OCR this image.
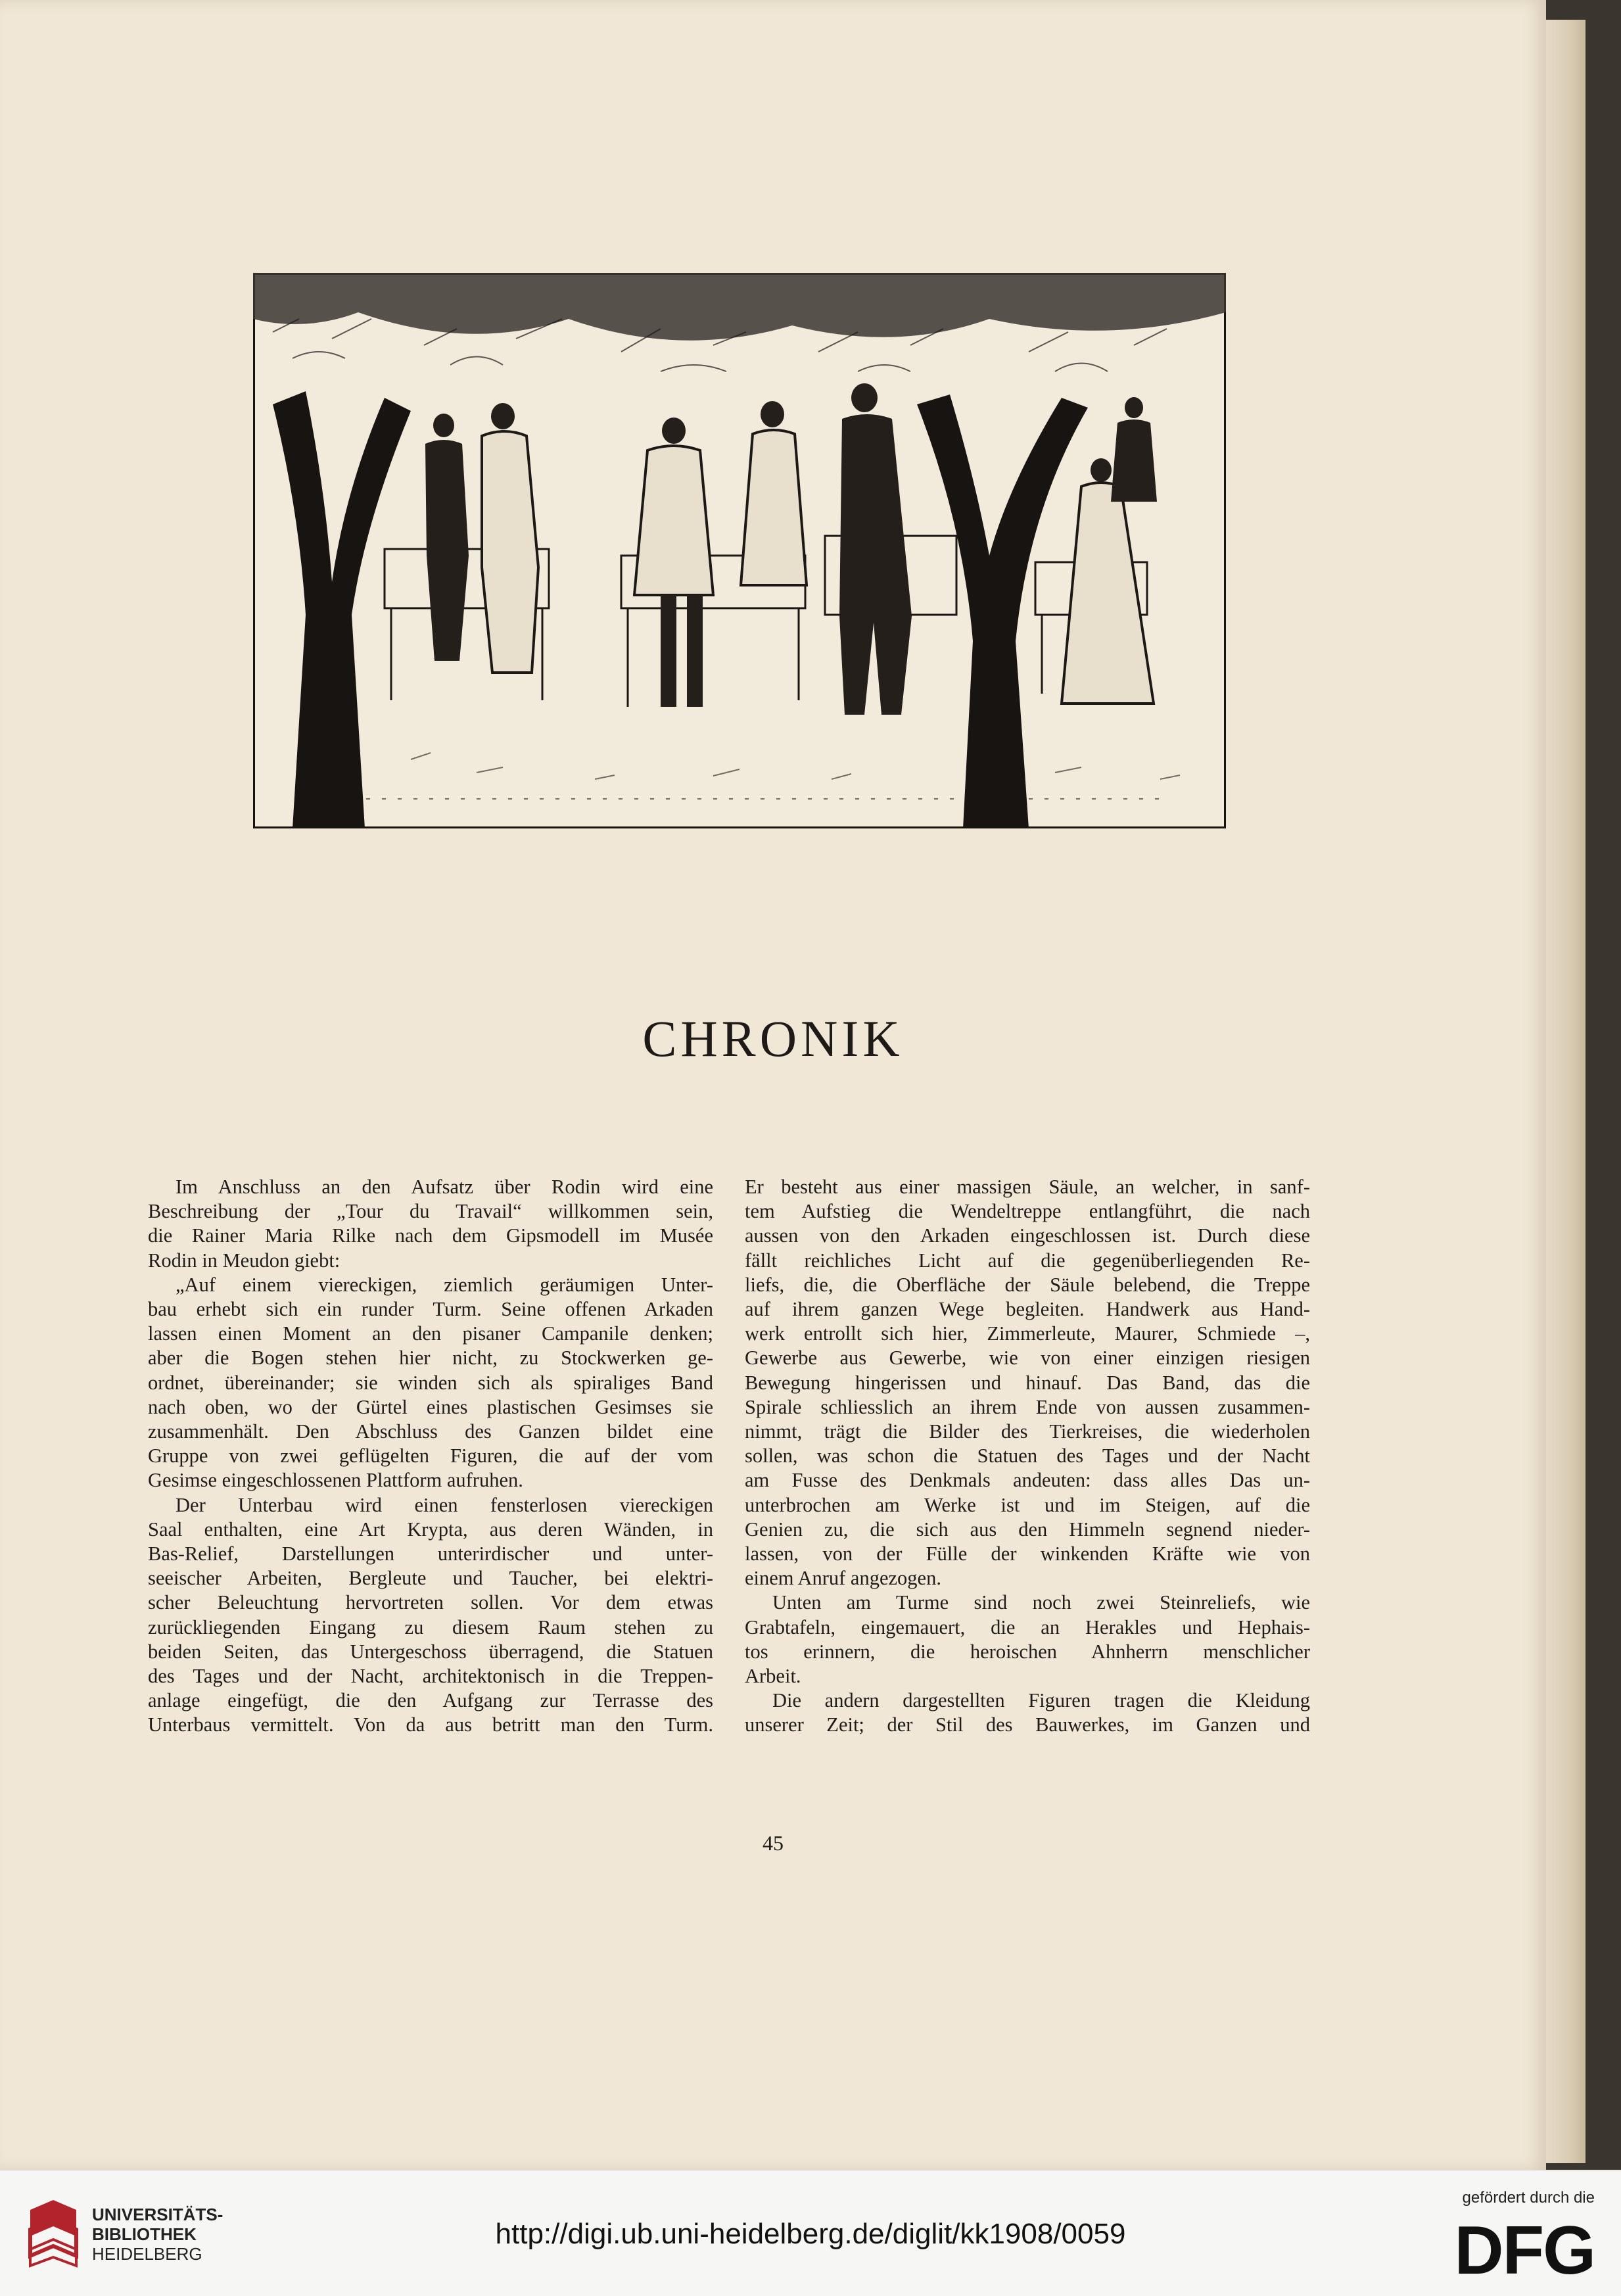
CHRONIK

Im Anschluss an den Aufsatz über Rodin wird eine

Beschreibung der „Tour du Travail“ willkommen sein,

die Rainer Maria Rilke nach dem Gipsmodell im Musée

Rodin in Meudon giebt:

„Auf einem viereckigen, ziemlich geräumigen Unter-

bau erhebt sich ein runder Turm. Seine offenen Arkaden

lassen einen Moment an den pisaner Campanile denken;

aber die Bogen stehen hier nicht, zu Stockwerken ge-

ordnet, übereinander; sie winden sich als spiraliges Band

nach oben, wo der Gürtel eines plastischen Gesimses sie

zusammenhält. Den Abschluss des Ganzen bildet eine

Gruppe von zwei geflügelten Figuren, die auf der vom

Gesimse eingeschlossenen Plattform aufruhen.

Der Unterbau wird einen fensterlosen viereckigen

Saal enthalten, eine Art Krypta, aus deren Wänden, in

Bas-Relief, Darstellungen unterirdischer und unter-

seeischer Arbeiten, Bergleute und Taucher, bei elektri-

scher Beleuchtung hervortreten sollen. Vor dem etwas

zurückliegenden Eingang zu diesem Raum stehen zu

beiden Seiten, das Untergeschoss überragend, die Statuen

des Tages und der Nacht, architektonisch in die Treppen-

anlage eingefügt, die den Aufgang zur Terrasse des

Unterbaus vermittelt. Von da aus betritt man den Turm.

Er besteht aus einer massigen Säule, an welcher, in sanf-

tem Aufstieg die Wendeltreppe entlangführt, die nach

aussen von den Arkaden eingeschlossen ist. Durch diese

fällt reichliches Licht auf die gegenüberliegenden Re-

liefs, die, die Oberfläche der Säule belebend, die Treppe

auf ihrem ganzen Wege begleiten. Handwerk aus Hand-

werk entrollt sich hier, Zimmerleute, Maurer, Schmiede –,

Gewerbe aus Gewerbe, wie von einer einzigen riesigen

Bewegung hingerissen und hinauf. Das Band, das die

Spirale schliesslich an ihrem Ende von aussen zusammen-

nimmt, trägt die Bilder des Tierkreises, die wiederholen

sollen, was schon die Statuen des Tages und der Nacht

am Fusse des Denkmals andeuten: dass alles Das un-

unterbrochen am Werke ist und im Steigen, auf die

Genien zu, die sich aus den Himmeln segnend nieder-

lassen, von der Fülle der winkenden Kräfte wie von

einem Anruf angezogen.

Unten am Turme sind noch zwei Steinreliefs, wie

Grabtafeln, eingemauert, die an Herakles und Hephais-

tos erinnern, die heroischen Ahnherrn menschlicher

Arbeit.

Die andern dargestellten Figuren tragen die Kleidung

unserer Zeit; der Stil des Bauwerkes, im Ganzen und

45
UNIVERSITÄTS-
BIBLIOTHEK
HEIDELBERG
http://digi.ub.uni-heidelberg.de/diglit/kk1908/0059
gefördert durch die
DFG
